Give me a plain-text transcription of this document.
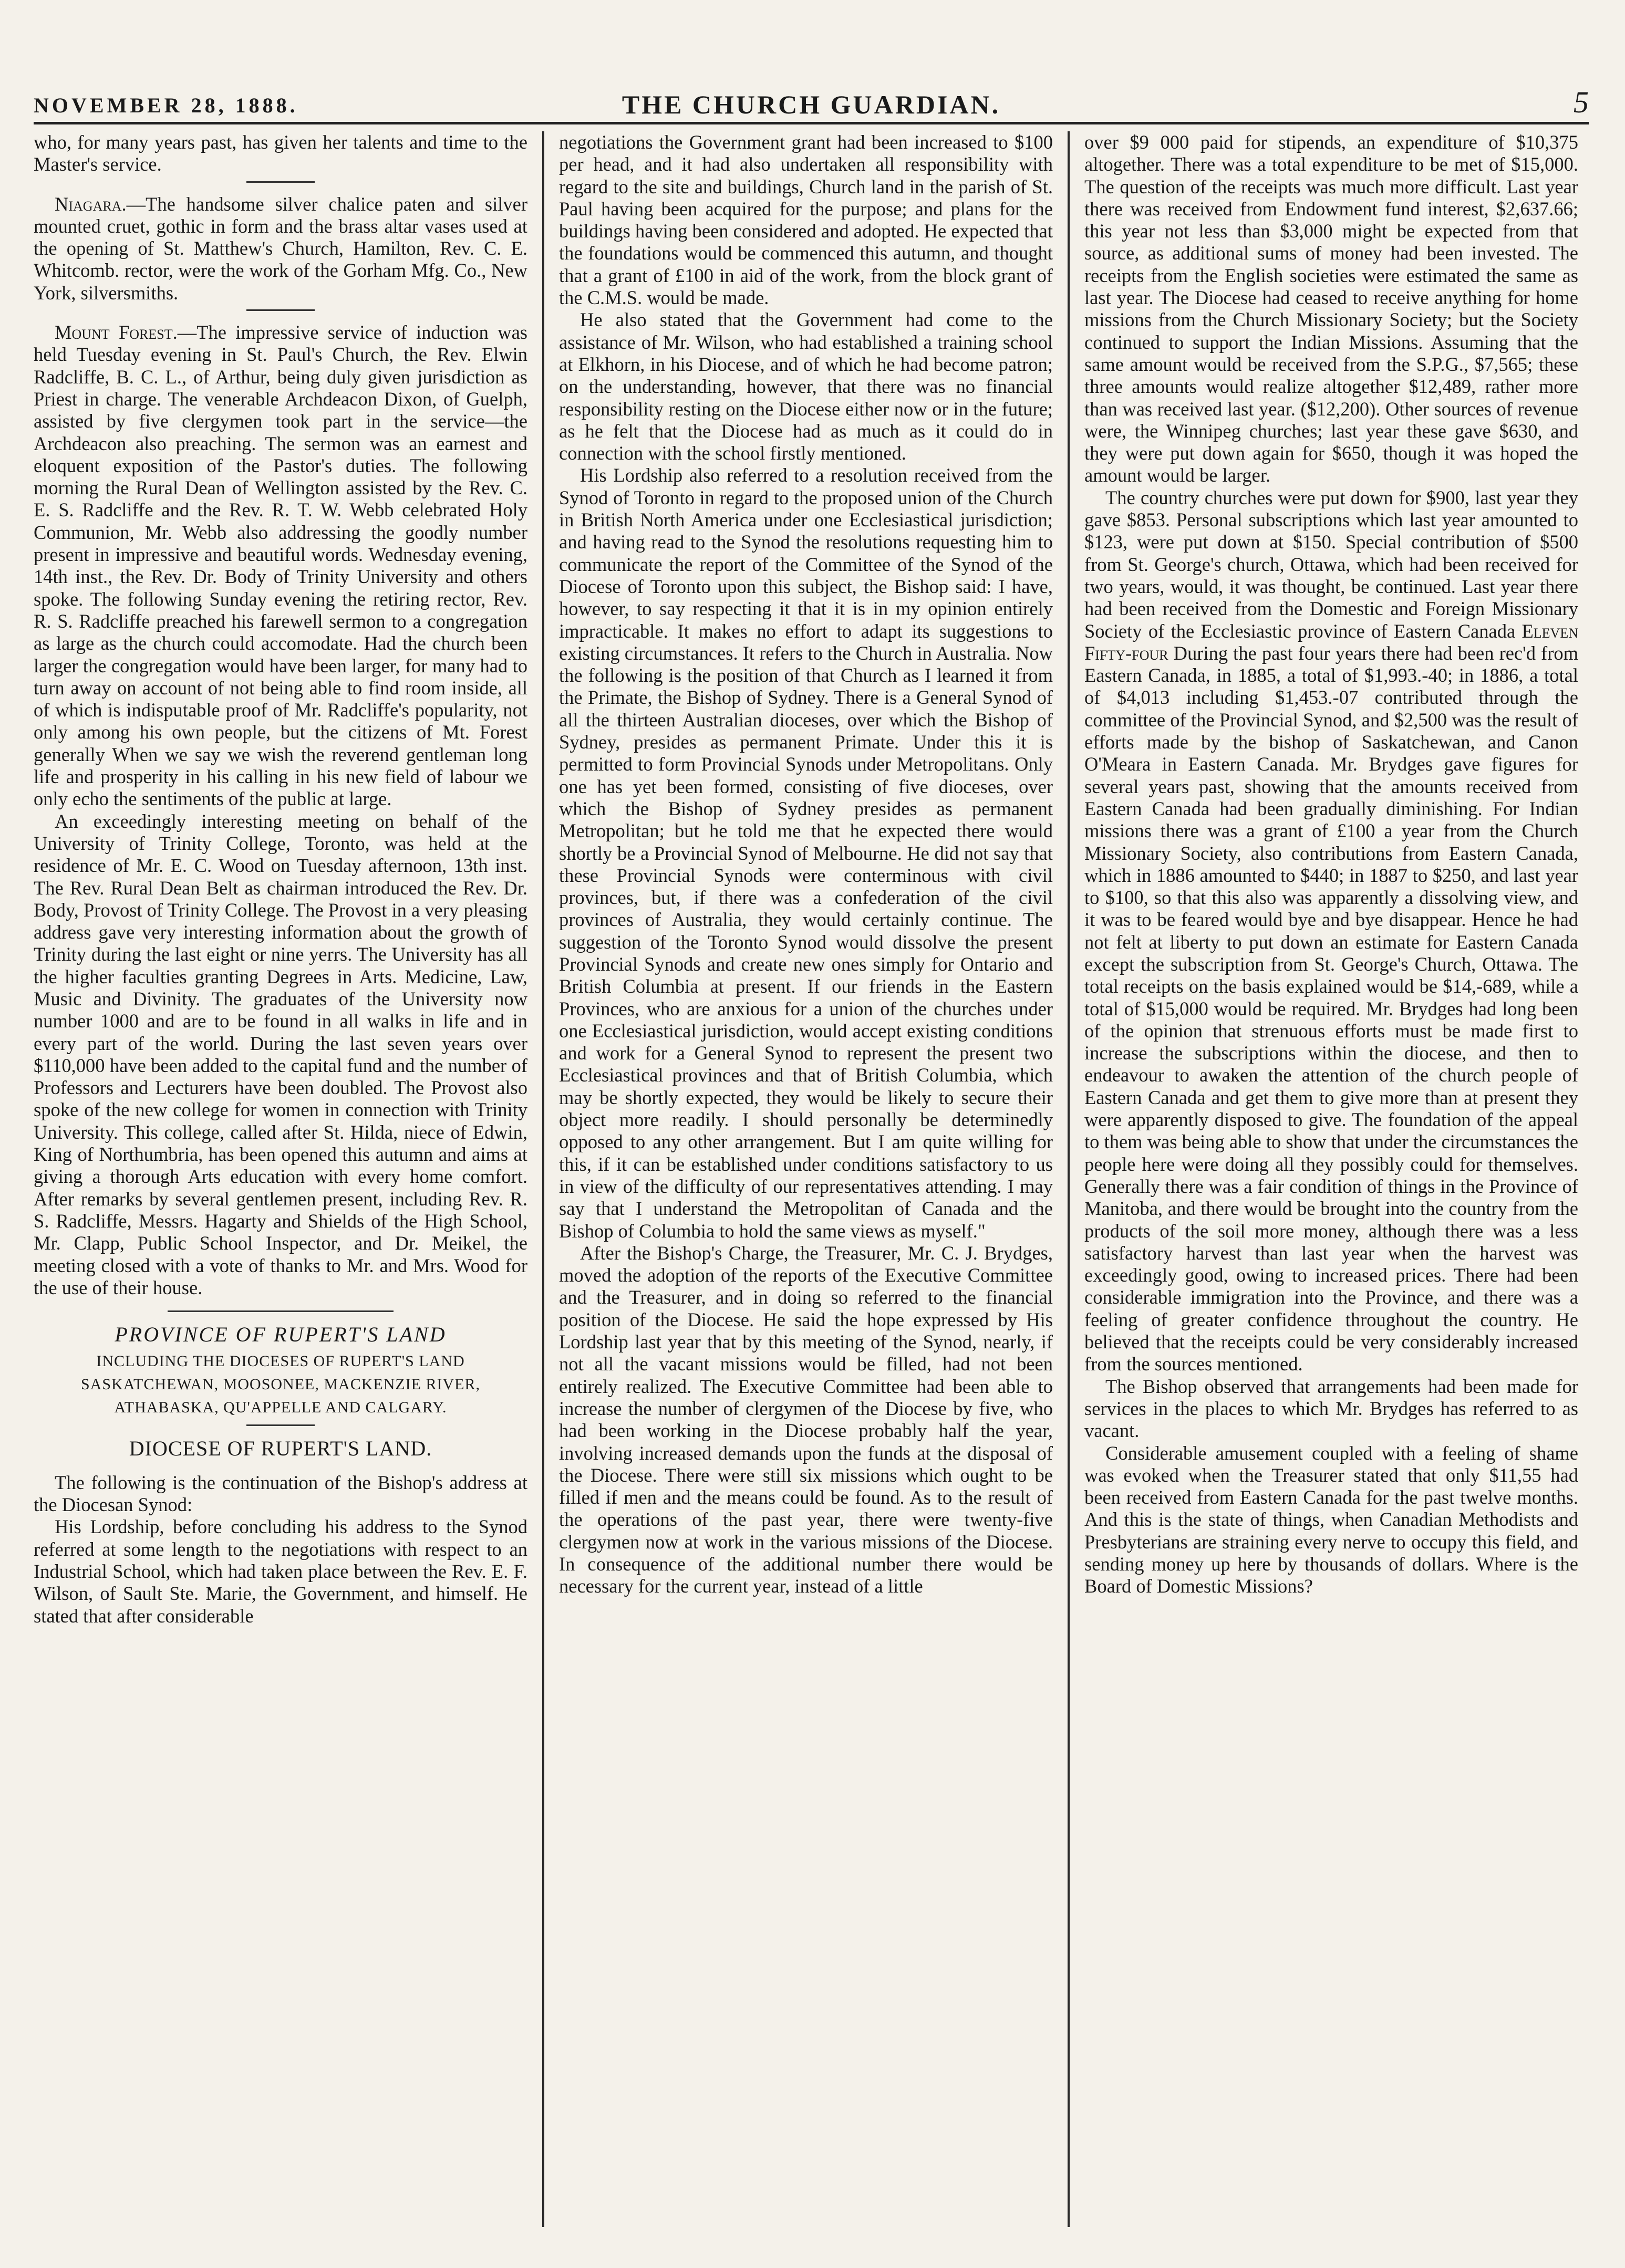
NOVEMBER 28, 1888.	THE CHURCH GUARDIAN.	5

who, for many years past, has given her talents and time to the Master's service.

Niagara.—The handsome silver chalice paten and silver mounted cruet, gothic in form and the brass altar vases used at the opening of St. Matthew's Church, Hamilton, Rev. C. E. Whitcomb. rector, were the work of the Gorham Mfg. Co., New York, silversmiths.

Mount Forest.—The impressive service of induction was held Tuesday evening in St. Paul's Church, the Rev. Elwin Radcliffe, B. C. L., of Arthur, being duly given jurisdiction as Priest in charge. The venerable Archdeacon Dixon, of Guelph, assisted by five clergymen took part in the service—the Archdeacon also preaching. The sermon was an earnest and eloquent exposition of the Pastor's duties. The following morning the Rural Dean of Wellington assisted by the Rev. C. E. S. Radcliffe and the Rev. R. T. W. Webb celebrated Holy Communion, Mr. Webb also addressing the goodly number present in impressive and beautiful words. Wednesday evening, 14th inst., the Rev. Dr. Body of Trinity University and others spoke. The following Sunday evening the retiring rector, Rev. R. S. Radcliffe preached his farewell sermon to a congregation as large as the church could accomodate. Had the church been larger the congregation would have been larger, for many had to turn away on account of not being able to find room inside, all of which is indisputable proof of Mr. Radcliffe's popularity, not only among his own people, but the citizens of Mt. Forest generally When we say we wish the reverend gentleman long life and prosperity in his calling in his new field of labour we only echo the sentiments of the public at large.

An exceedingly interesting meeting on behalf of the University of Trinity College, Toronto, was held at the residence of Mr. E. C. Wood on Tuesday afternoon, 13th inst. The Rev. Rural Dean Belt as chairman introduced the Rev. Dr. Body, Provost of Trinity College. The Provost in a very pleasing address gave very interesting information about the growth of Trinity during the last eight or nine yerrs. The University has all the higher faculties granting Degrees in Arts. Medicine, Law, Music and Divinity. The graduates of the University now number 1000 and are to be found in all walks in life and in every part of the world. During the last seven years over $110,000 have been added to the capital fund and the number of Professors and Lecturers have been doubled. The Provost also spoke of the new college for women in connection with Trinity University. This college, called after St. Hilda, niece of Edwin, King of Northumbria, has been opened this autumn and aims at giving a thorough Arts education with every home comfort. After remarks by several gentlemen present, including Rev. R. S. Radcliffe, Messrs. Hagarty and Shields of the High School, Mr. Clapp, Public School Inspector, and Dr. Meikel, the meeting closed with a vote of thanks to Mr. and Mrs. Wood for the use of their house.

PROVINCE OF RUPERT'S LAND

INCLUDING THE DIOCESES OF RUPERT'S LAND SASKATCHEWAN, MOOSONEE, MACKENZIE RIVER, ATHABASKA, QU'APPELLE AND CALGARY.

DIOCESE OF RUPERT'S LAND.

The following is the continuation of the Bishop's address at the Diocesan Synod:

His Lordship, before concluding his address to the Synod referred at some length to the negotiations with respect to an Industrial School, which had taken place between the Rev. E. F. Wilson, of Sault Ste. Marie, the Government, and himself. He stated that after considerable

negotiations the Government grant had been increased to $100 per head, and it had also undertaken all responsibility with regard to the site and buildings, Church land in the parish of St. Paul having been acquired for the purpose; and plans for the buildings having been considered and adopted. He expected that the foundations would be commenced this autumn, and thought that a grant of £100 in aid of the work, from the block grant of the C.M.S. would be made.

He also stated that the Government had come to the assistance of Mr. Wilson, who had established a training school at Elkhorn, in his Diocese, and of which he had become patron; on the understanding, however, that there was no financial responsibility resting on the Diocese either now or in the future; as he felt that the Diocese had as much as it could do in connection with the school firstly mentioned.

His Lordship also referred to a resolution received from the Synod of Toronto in regard to the proposed union of the Church in British North America under one Ecclesiastical jurisdiction; and having read to the Synod the resolutions requesting him to communicate the report of the Committee of the Synod of the Diocese of Toronto upon this subject, the Bishop said: I have, however, to say respecting it that it is in my opinion entirely impracticable. It makes no effort to adapt its suggestions to existing circumstances. It refers to the Church in Australia. Now the following is the position of that Church as I learned it from the Primate, the Bishop of Sydney. There is a General Synod of all the thirteen Australian dioceses, over which the Bishop of Sydney, presides as permanent Primate. Under this it is permitted to form Provincial Synods under Metropolitans. Only one has yet been formed, consisting of five dioceses, over which the Bishop of Sydney presides as permanent Metropolitan; but he told me that he expected there would shortly be a Provincial Synod of Melbourne. He did not say that these Provincial Synods were conterminous with civil provinces, but, if there was a confederation of the civil provinces of Australia, they would certainly continue. The suggestion of the Toronto Synod would dissolve the present Provincial Synods and create new ones simply for Ontario and British Columbia at present. If our friends in the Eastern Provinces, who are anxious for a union of the churches under one Ecclesiastical jurisdiction, would accept existing conditions and work for a General Synod to represent the present two Ecclesiastical provinces and that of British Columbia, which may be shortly expected, they would be likely to secure their object more readily. I should personally be determinedly opposed to any other arrangement. But I am quite willing for this, if it can be established under conditions satisfactory to us in view of the difficulty of our representatives attending. I may say that I understand the Metropolitan of Canada and the Bishop of Columbia to hold the same views as myself."

After the Bishop's Charge, the Treasurer, Mr. C. J. Brydges, moved the adoption of the reports of the Executive Committee and the Treasurer, and in doing so referred to the financial position of the Diocese. He said the hope expressed by His Lordship last year that by this meeting of the Synod, nearly, if not all the vacant missions would be filled, had not been entirely realized. The Executive Committee had been able to increase the number of clergymen of the Diocese by five, who had been working in the Diocese probably half the year, involving increased demands upon the funds at the disposal of the Diocese. There were still six missions which ought to be filled if men and the means could be found. As to the result of the operations of the past year, there were twenty-five clergymen now at work in the various missions of the Diocese. In consequence of the additional number there would be necessary for the current year, instead of a little

over $9 000 paid for stipends, an expenditure of $10,375 altogether. There was a total expenditure to be met of $15,000. The question of the receipts was much more difficult. Last year there was received from Endowment fund interest, $2,637.66; this year not less than $3,000 might be expected from that source, as additional sums of money had been invested. The receipts from the English societies were estimated the same as last year. The Diocese had ceased to receive anything for home missions from the Church Missionary Society; but the Society continued to support the Indian Missions. Assuming that the same amount would be received from the S.P.G., $7,565; these three amounts would realize altogether $12,489, rather more than was received last year. ($12,200). Other sources of revenue were, the Winnipeg churches; last year these gave $630, and they were put down again for $650, though it was hoped the amount would be larger.

The country churches were put down for $900, last year they gave $853. Personal subscriptions which last year amounted to $123, were put down at $150. Special contribution of $500 from St. George's church, Ottawa, which had been received for two years, would, it was thought, be continued. Last year there had been received from the Domestic and Foreign Missionary Society of the Ecclesiastic province of Eastern Canada Eleven Fifty-four During the past four years there had been rec'd from Eastern Canada, in 1885, a total of $1,993.-40; in 1886, a total of $4,013 including $1,453.-07 contributed through the committee of the Provincial Synod, and $2,500 was the result of efforts made by the bishop of Saskatchewan, and Canon O'Meara in Eastern Canada. Mr. Brydges gave figures for several years past, showing that the amounts received from Eastern Canada had been gradually diminishing. For Indian missions there was a grant of £100 a year from the Church Missionary Society, also contributions from Eastern Canada, which in 1886 amounted to $440; in 1887 to $250, and last year to $100, so that this also was apparently a dissolving view, and it was to be feared would bye and bye disappear. Hence he had not felt at liberty to put down an estimate for Eastern Canada except the subscription from St. George's Church, Ottawa. The total receipts on the basis explained would be $14,-689, while a total of $15,000 would be required. Mr. Brydges had long been of the opinion that strenuous efforts must be made first to increase the subscriptions within the diocese, and then to endeavour to awaken the attention of the church people of Eastern Canada and get them to give more than at present they were apparently disposed to give. The foundation of the appeal to them was being able to show that under the circumstances the people here were doing all they possibly could for themselves. Generally there was a fair condition of things in the Province of Manitoba, and there would be brought into the country from the products of the soil more money, although there was a less satisfactory harvest than last year when the harvest was exceedingly good, owing to increased prices. There had been considerable immigration into the Province, and there was a feeling of greater confidence throughout the country. He believed that the receipts could be very considerably increased from the sources mentioned.

The Bishop observed that arrangements had been made for services in the places to which Mr. Brydges has referred to as vacant.

Considerable amusement coupled with a feeling of shame was evoked when the Treasurer stated that only $11,55 had been received from Eastern Canada for the past twelve months. And this is the state of things, when Canadian Methodists and Presbyterians are straining every nerve to occupy this field, and sending money up here by thousands of dollars. Where is the Board of Domestic Missions?
